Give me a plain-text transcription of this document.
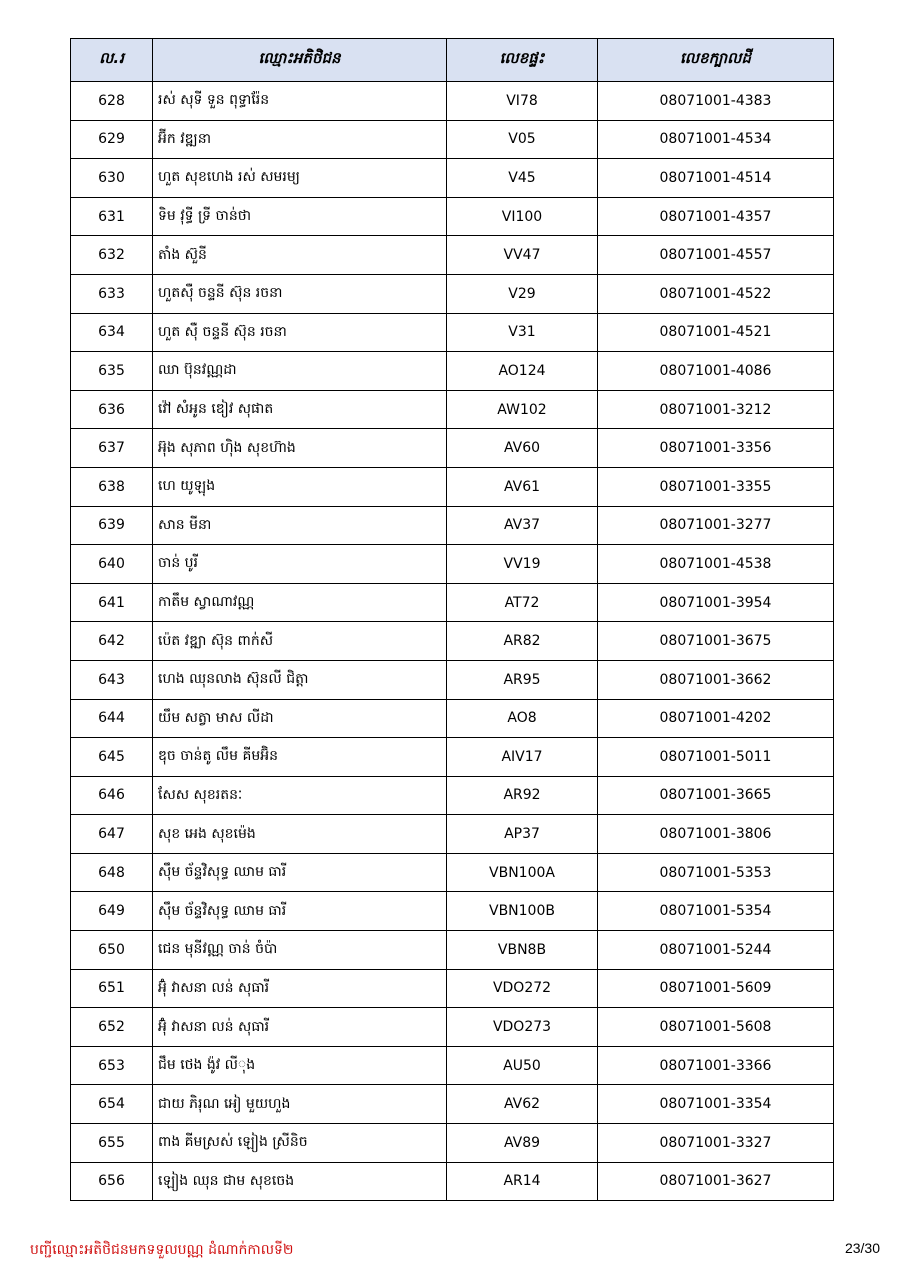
ល.រ	ឈ្មោះអតិថិជន	លេខផ្ទះ	លេខក្បាលដី
628	រស់ សុទី ទួន ពុទ្ធារ៉ែន	VI78	08071001-4383
629	អ៊ីក វឌ្ឍនា	V05	08071001-4534
630	ហួត សុខហេង រស់ សមរម្យ	V45	08071001-4514
631	ទិម វុទ្ធី ទ្រី ចាន់ថា	VI100	08071001-4357
632	តាំង ស៊ួនី	VV47	08071001-4557
633	ហួតស៊ឺ ចន្ទនី ស៊ុន រចនា	V29	08071001-4522
634	ហួត ស៊ឺ ចន្ទនី ស៊ុន រចនា	V31	08071001-4521
635	ឈា ប៊ុនវណ្ណដា	AO124	08071001-4086
636	វ៉ៅ សំអូន ឌៀវ សុផាត	AW102	08071001-3212
637	អ៊ុង សុភាព ហ៊ិង សុខហ៊ាង	AV60	08071001-3356
638	ហេ យូឡុង	AV61	08071001-3355
639	សាន មីនា	AV37	08071001-3277
640	ចាន់ បូរី	VV19	08071001-4538
641	កាតឹម ស្វាណាវណ្ណ	AT72	08071001-3954
642	ប៉េត វឌ្ឍា ស៊ុន ពាក់សី	AR82	08071001-3675
643	ហេង ឈុនលាង ស៊ុនលី ជិត្តា	AR95	08071001-3662
644	យឹម សត្វា មាស លីដា	AO8	08071001-4202
645	ឌុច ចាន់តូ លឹម គីមអ៊ិន	AIV17	08071001-5011
646	សែស សុខរតនៈ	AR92	08071001-3665
647	សុខ អេង សុខម៉េង	AP37	08071001-3806
648	ស៊ឹម ច័ន្ទវិសុទ្ធ ឈាម ធារី	VBN100A	08071001-5353
649	ស៊ឹម ច័ន្ទវិសុទ្ធ ឈាម ធារី	VBN100B	08071001-5354
650	ជេន មុនីវណ្ណ ចាន់ ចំប៉ា	VBN8B	08071001-5244
651	អ៊ុំ វាសនា លន់ សុធារី	VDO272	08071001-5609
652	អ៊ុំ វាសនា លន់ សុធារី	VDO273	08071001-5608
653	ជឹម ថេង ង៉ូវ លីុង	AU50	08071001-3366
654	ជាយ ភិរុណ អៀ មួយហួង	AV62	08071001-3354
655	ពាង គីមស្រស់ ឡៀង ស្រីនិច	AV89	08071001-3327
656	ឡៀង ឈុន ជាម សុខចេង	AR14	08071001-3627
បញ្ជីឈ្មោះអតិថិជនមកទទួលបណ្ណ ដំណាក់កាលទី២	23/30
